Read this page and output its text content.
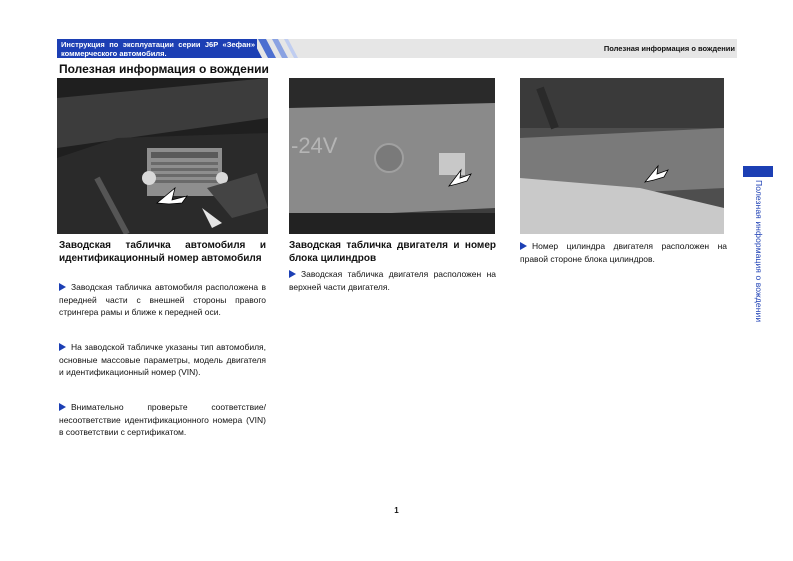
Инструкция по эксплуатации серии J6P «Зефан» коммерческого автомобиля.
Полезная информация о вождении
Полезная информация о вождении
-24V
Заводская табличка автомобиля и идентификационный номер автомобиля
Заводская табличка автомобиля расположена в передней части с внешней стороны правого стрингера рамы и ближе к передней оси.
На заводской табличке указаны тип автомобиля, основные массовые параметры, модель двигателя и идентификационный номер (VIN).
Внимательно проверьте соответствие/несоответствие идентификационного номера (VIN) в соответствии с сертификатом.
Заводская табличка двигателя и номер блока цилиндров
Заводская табличка двигателя расположен на верхней части двигателя.
Номер цилиндра двигателя расположен на правой стороне блока цилиндров.	Полезная информация о вождении
1
